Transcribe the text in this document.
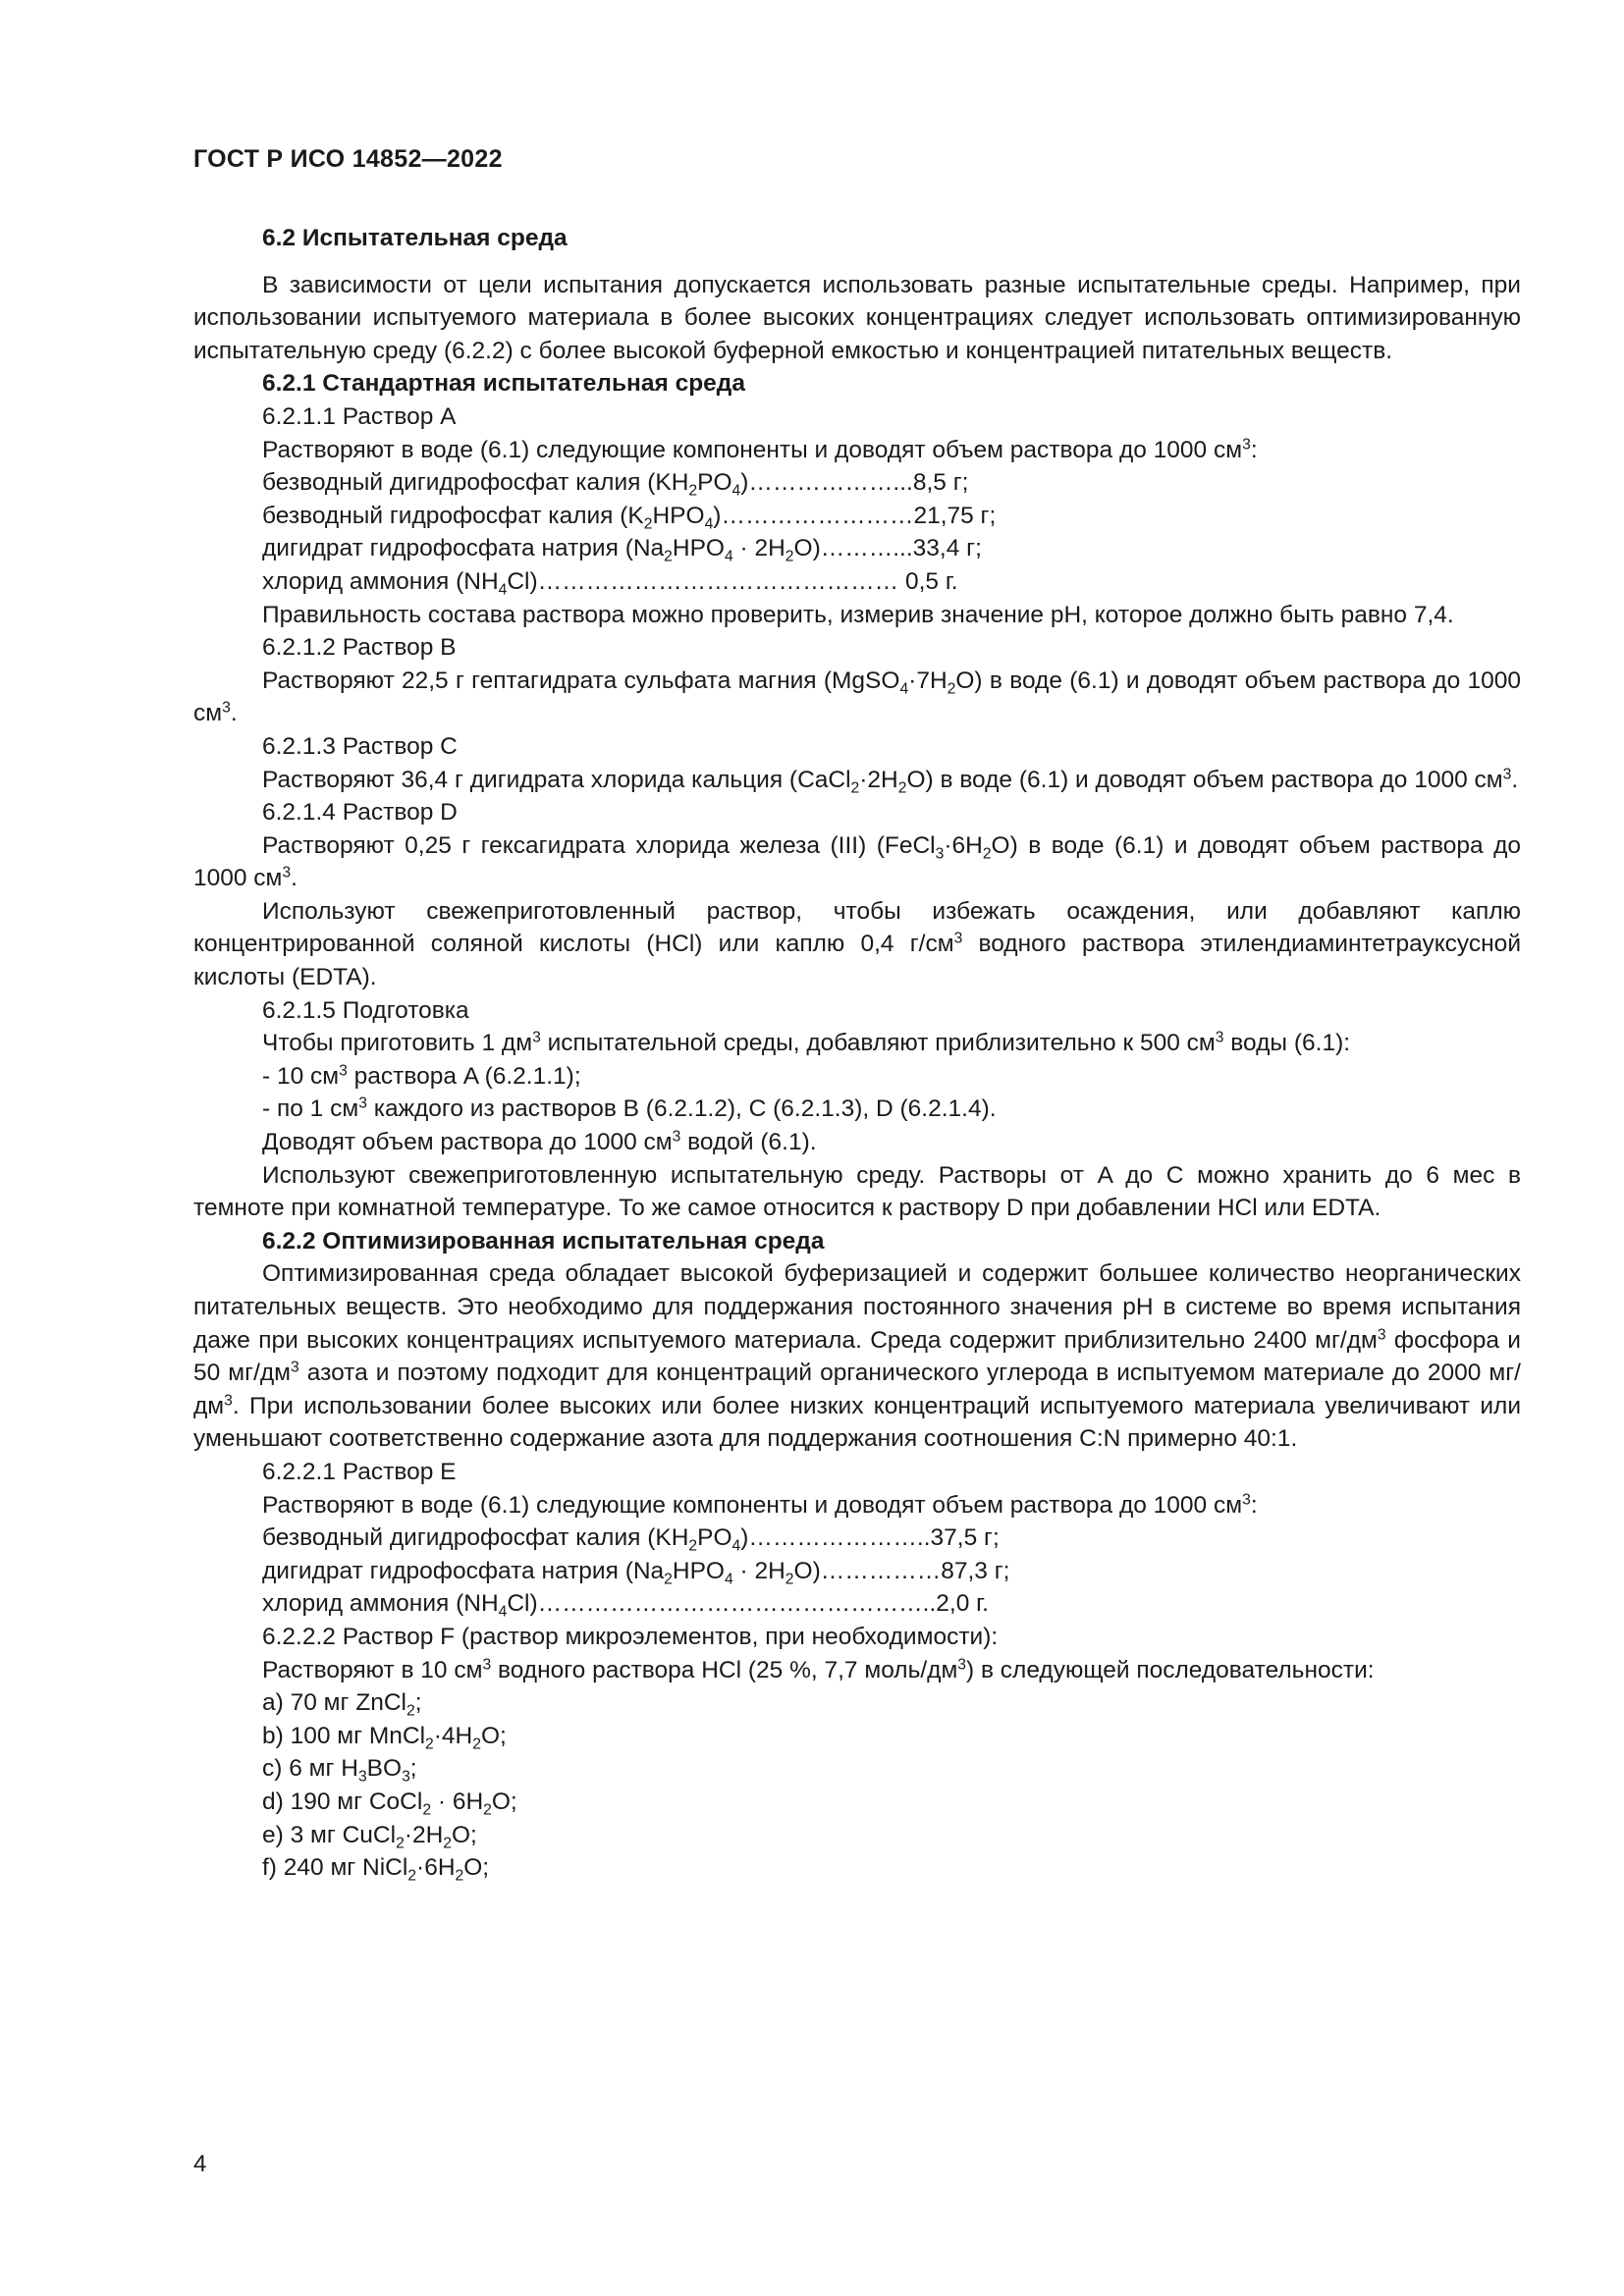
ГОСТ Р ИСО 14852—2022

6.2 Испытательная среда

В зависимости от цели испытания допускается использовать разные испытательные среды. Например, при использовании испытуемого материала в более высоких концентрациях следует использовать оптимизированную испытательную среду (6.2.2) с более высокой буферной емкостью и концентрацией питательных веществ.

6.2.1 Стандартная испытательная среда

6.2.1.1 Раствор A

Растворяют в воде (6.1) следующие компоненты и доводят объем раствора до 1000 $см^3$:

безводный дигидрофосфат калия $(KH_2PO_4)\dots\dots\dots\dots\dots\dots...8,5$ г;

безводный гидрофосфат калия $(K_2HPO_4)\dots\dots\dots\dots\dots\dots\dots\dots 21,75$ г;

дигидрат гидрофосфата натрия ($Na_2HPO_4$ · $2H_2O)\dots\dots\dots...33,4$ г;

хлорид аммония $(NH_4Cl)\dots\dots\dots\dots\dots\dots\dots\dots\dots\dots\dots\dots\dots\dots\dots$ 0,5 г.

Правильность состава раствора можно проверить, измерив значение pH, которое должно быть равно 7,4.

6.2.1.2 Раствор B

Растворяют 22,5 г гептагидрата сульфата магния $(MgSO_4\cdot 7H_2O)$ в воде (6.1) и доводят объем раствора до 1000 $см^3$.

6.2.1.3 Раствор C

Растворяют 36,4 г дигидрата хлорида кальция $(CaCl_2\cdot 2H_2O)$ в воде (6.1) и доводят объем раствора до 1000 $см^3$.

6.2.1.4 Раствор D

Растворяют 0,25 г гексагидрата хлорида железа (III) $(FeCl_3\cdot 6H_2O)$ в воде (6.1) и доводят объем раствора до 1000 $см^3$.

Используют свежеприготовленный раствор, чтобы избежать осаждения, или добавляют каплю концентрированной соляной кислоты (HCl) или каплю 0,4 $г/см^3$ водного раствора этилендиаминтетрауксусной кислоты (EDTA).

6.2.1.5 Подготовка

Чтобы приготовить 1 $дм^3$ испытательной среды, добавляют приблизительно к 500 $см^3$ воды (6.1):

- 10 $см^3$ раствора A (6.2.1.1);

- по 1 $см^3$ каждого из растворов B (6.2.1.2), C (6.2.1.3), D (6.2.1.4).

Доводят объем раствора до 1000 $см^3$ водой (6.1).

Используют свежеприготовленную испытательную среду. Растворы от A до C можно хранить до 6 мес в темноте при комнатной температуре. То же самое относится к раствору D при добавлении HCl или EDTA.

6.2.2 Оптимизированная испытательная среда

Оптимизированная среда обладает высокой буферизацией и содержит большее количество неорганических питательных веществ. Это необходимо для поддержания постоянного значения pH в системе во время испытания даже при высоких концентрациях испытуемого материала. Среда содержит приблизительно 2400 $мг/дм^3$ фосфора и 50 $мг/дм^3$ азота и поэтому подходит для концентраций органического углерода в испытуемом материале до 2000 $мг/дм^3$. При использовании более высоких или более низких концентраций испытуемого материала увеличивают или уменьшают соответственно содержание азота для поддержания соотношения C:N примерно 40:1.

6.2.2.1 Раствор E

Растворяют в воде (6.1) следующие компоненты и доводят объем раствора до 1000 $см^3$:

безводный дигидрофосфат калия $(KH_2PO_4)\dots\dots\dots\dots\dots\dots\dots..37,5$ г;

дигидрат гидрофосфата натрия ($Na_2HPO_4$ · $2H_2O)\dots\dots\dots\dots\dots 87,3$ г;

хлорид аммония $(NH_4Cl)\dots\dots\dots\dots\dots\dots\dots\dots\dots\dots\dots\dots\dots\dots\dots\dots..2,0$ г.

6.2.2.2 Раствор F (раствор микроэлементов, при необходимости):

Растворяют в 10 $см^3$ водного раствора HCl (25 %, 7,7 моль/$дм^3$) в следующей последовательности:

a) 70 мг ZnCl$_2$;

b) 100 мг $MnCl_2\cdot 4H_2O$;

c) 6 мг $H_3BO_3$;

d) 190 мг CoCl$_2$ · $6H_2O$;

e) 3 мг $CuCl_2\cdot 2H_2O$;

f) 240 мг $NiCl_2\cdot 6H_2O$;

4
